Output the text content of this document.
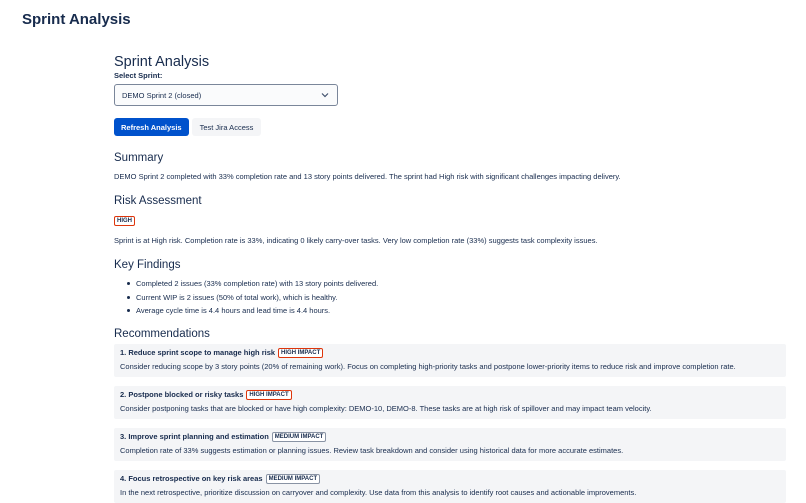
Sprint Analysis
Sprint Analysis
Select Sprint:
DEMO Sprint 2 (closed)
Refresh Analysis	Test Jira Access
Summary

DEMO Sprint 2 completed with 33% completion rate and 13 story points delivered. The sprint had High risk with significant challenges impacting delivery.

Risk Assessment
HIGH

Sprint is at High risk. Completion rate is 33%, indicating 0 likely carry-over tasks. Very low completion rate (33%) suggests task complexity issues.

Key Findings
Completed 2 issues (33% completion rate) with 13 story points delivered.
Current WIP is 2 issues (50% of total work), which is healthy.
Average cycle time is 4.4 hours and lead time is 4.4 hours.
Recommendations
1. Reduce sprint scope to manage high risk	HIGH IMPACT
Consider reducing scope by 3 story points (20% of remaining work). Focus on completing high-priority tasks and postpone lower-priority items to reduce risk and improve completion rate.
2. Postpone blocked or risky tasks	HIGH IMPACT
Consider postponing tasks that are blocked or have high complexity: DEMO-10, DEMO-8. These tasks are at high risk of spillover and may impact team velocity.
3. Improve sprint planning and estimation	MEDIUM IMPACT
Completion rate of 33% suggests estimation or planning issues. Review task breakdown and consider using historical data for more accurate estimates.
4. Focus retrospective on key risk areas	MEDIUM IMPACT
In the next retrospective, prioritize discussion on carryover and complexity. Use data from this analysis to identify root causes and actionable improvements.
